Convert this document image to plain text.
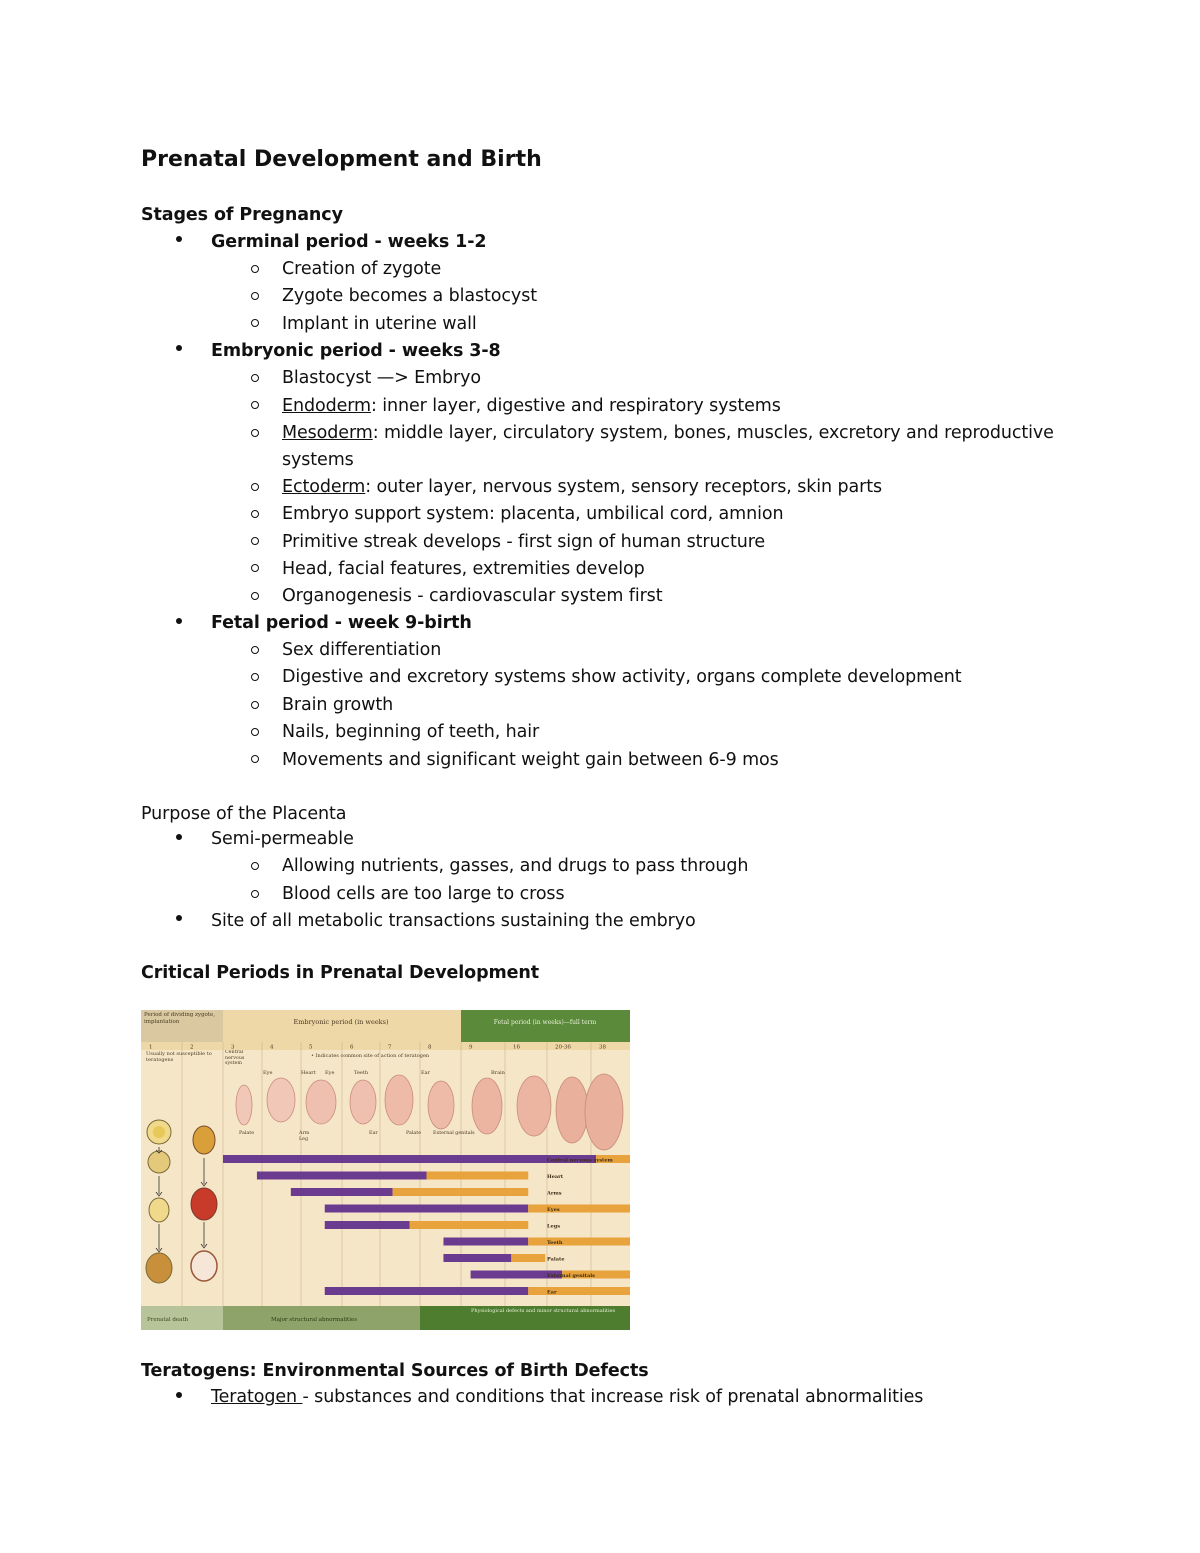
Prenatal Development and Birth
Stages of Pregnancy
Germinal period - weeks 1-2
Creation of zygote
Zygote becomes a blastocyst
Implant in uterine wall
Embryonic period - weeks 3-8
Blastocyst —> Embryo
Endoderm: inner layer, digestive and respiratory systems
Mesoderm: middle layer, circulatory system, bones, muscles, excretory and reproductive
systems
Ectoderm: outer layer, nervous system, sensory receptors, skin parts
Embryo support system: placenta, umbilical cord, amnion
Primitive streak develops - first sign of human structure
Head, facial features, extremities develop
Organogenesis - cardiovascular system first
Fetal period - week 9-birth
Sex differentiation
Digestive and excretory systems show activity, organs complete development
Brain growth
Nails, beginning of teeth, hair
Movements and significant weight gain between 6-9 mos
Purpose of the Placenta
Semi-permeable
Allowing nutrients, gasses, and drugs to pass through
Blood cells are too large to cross
Site of all metabolic transactions sustaining the embryo
Critical Periods in Prenatal Development
Period of dividing zygote, implantation	Embryonic period (in weeks)	Fetal period (in weeks)—full term
1	2	3	4	5	6	7	8	9	16	20-36	38
Usually not susceptible to teratogens
• Indicates common site of action of teratogen
Central nervous system
Eye	Heart Eye	Teeth	Ear	Brain
Palate	Arm
Leg
Ear	Palate External genitals
Central nervous system
Heart
Arms
Eyes
Legs
Teeth
Palate
External genitals
Ear
Prenatal death	Major structural abnormalities
Physiological defects and minor structural abnormalities
Teratogens: Environmental Sources of Birth Defects
Teratogen - substances and conditions that increase risk of prenatal abnormalities
